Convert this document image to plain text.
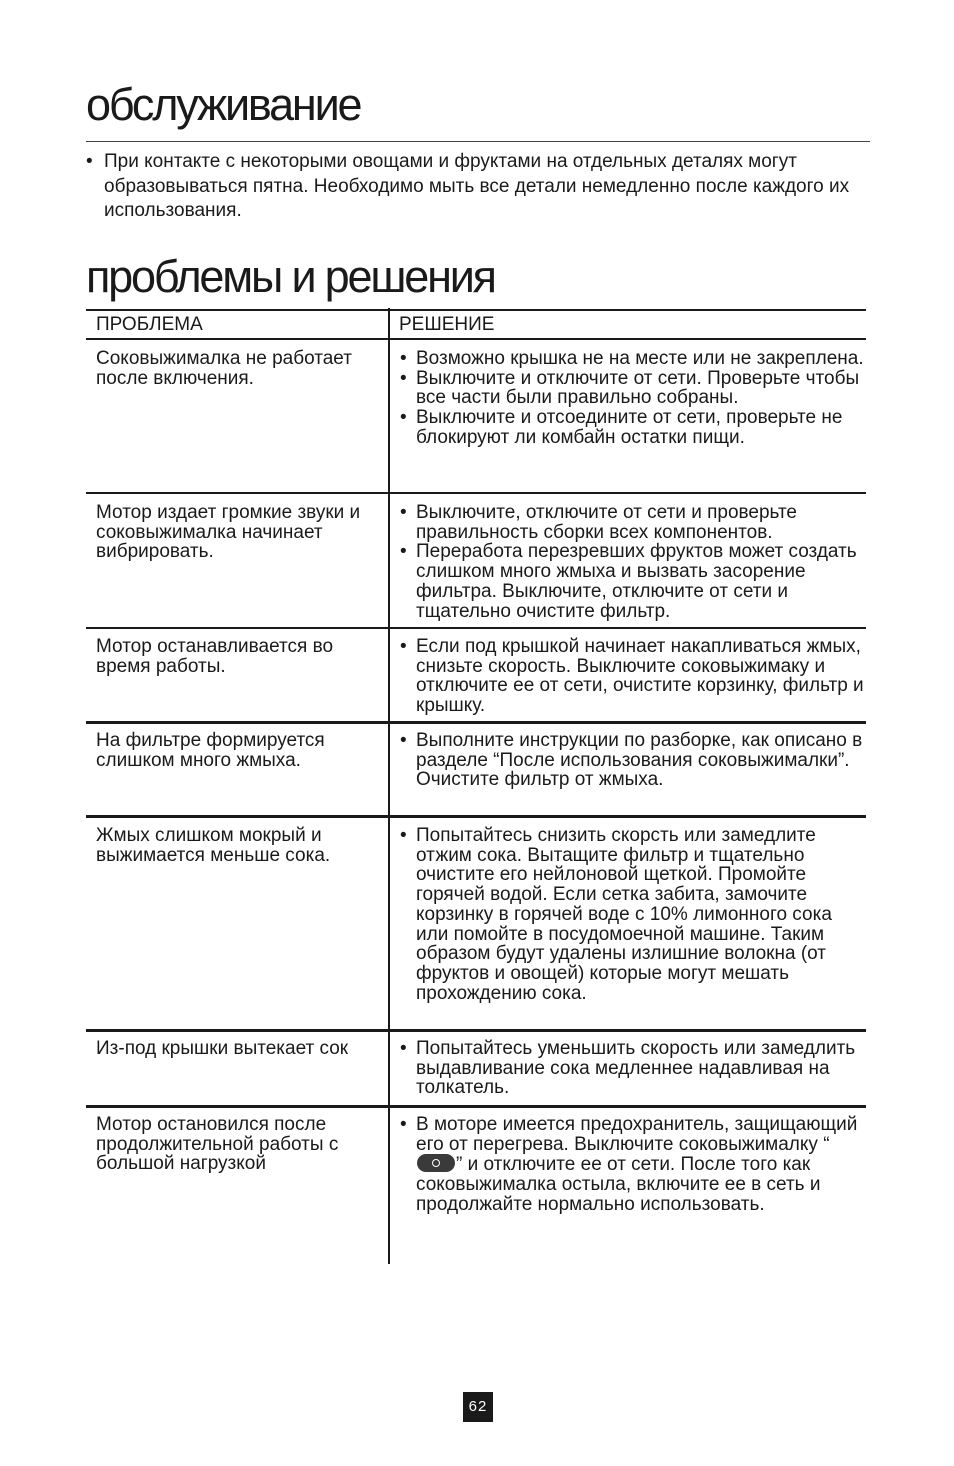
обслуживание
• При контакте с некоторыми овощами и фруктами на отдельных деталях могут образовываться пятна. Необходимо мыть все детали немедленно после каждого их использования.
проблемы и решения
ПРОБЛЕМА	РЕШЕНИЕ
Соковыжималка не работает после включения.
• Возможно крышка не на месте или не закреплена.
• Выключите и отключите от сети. Проверьте чтобы все части были правильно собраны.
• Выключите и отсоедините от сети, проверьте не блокируют ли комбайн остатки пищи.
Мотор издает громкие звуки и соковыжималка начинает вибрировать.
• Выключите, отключите от сети и проверьте правильность сборки всех компонентов.
• Переработа перезревших фруктов может создать слишком много жмыха и вызвать засорение фильтра. Выключите, отключите от сети и тщательно очистите фильтр.
Мотор останавливается во время работы.
• Если под крышкой начинает накапливаться жмых, снизьте скорость. Выключите соковыжимаку и отключите ее от сети, очистите корзинку, фильтр и крышку.
На фильтре формируется слишком много жмыха.
• Выполните инструкции по разборке, как описано в разделе “После использования соковыжималки”. Очистите фильтр от жмыха.
Жмых слишком мокрый и выжимается меньше сока.
• Попытайтесь снизить скорсть или замедлите отжим сока. Вытащите фильтр и тщательно очистите его нейлоновой щеткой. Промойте горячей водой. Если сетка забита, замочите корзинку в горячей воде с 10% лимонного сока или помойте в посудомоечной машине. Таким образом будут удалены излишние волокна (от фруктов и овощей) которые могут мешать прохождению сока.
Из-под крышки вытекает сок
•	Попытайтесь уменьшить скорость или замедлить выдавливание сока медленнее надавливая на толкатель.
Мотор остановился после продолжительной работы с большой нагрузкой
• В моторе имеется предохранитель, защищающий его от перегрева. Выключите соковыжималку “” и отключите ее от сети. После того как соковыжималка остыла, включите ее в сеть и продолжайте нормально использовать.
62
